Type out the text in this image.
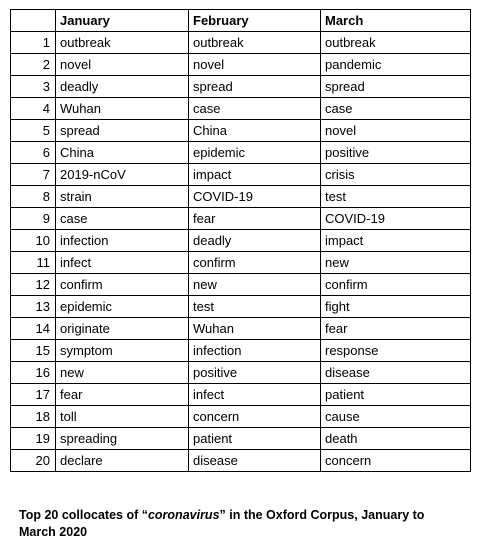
	January	February	March
1	outbreak	outbreak	outbreak
2	novel	novel	pandemic
3	deadly	spread	spread
4	Wuhan	case	case
5	spread	China	novel
6	China	epidemic	positive
7	2019-nCoV	impact	crisis
8	strain	COVID-19	test
9	case	fear	COVID-19
10	infection	deadly	impact
11	infect	confirm	new
12	confirm	new	confirm
13	epidemic	test	fight
14	originate	Wuhan	fear
15	symptom	infection	response
16	new	positive	disease
17	fear	infect	patient
18	toll	concern	cause
19	spreading	patient	death
20	declare	disease	concern
Top 20 collocates of “coronavirus” in the Oxford Corpus, January to March 2020
